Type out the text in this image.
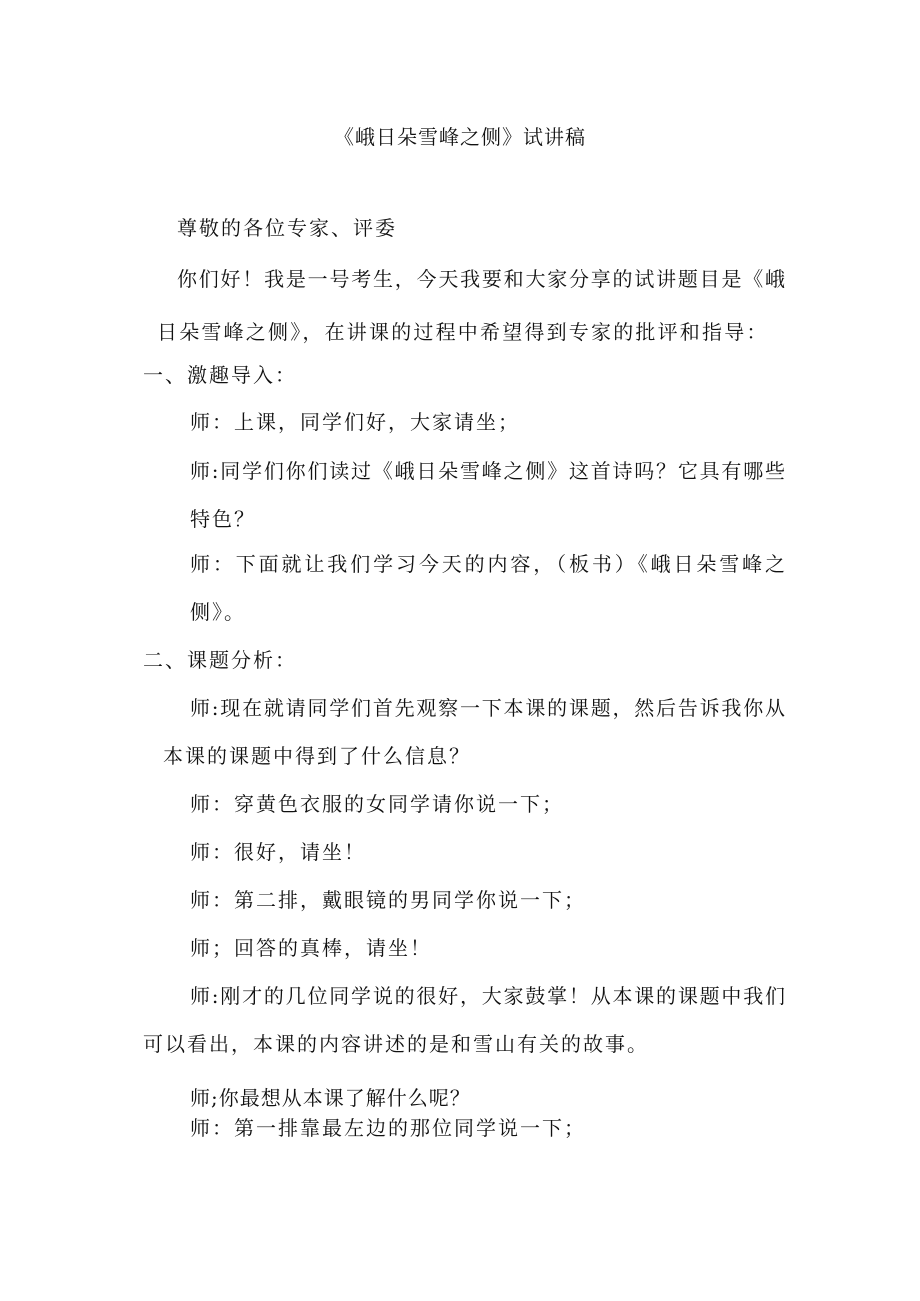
《峨日朵雪峰之侧》试讲稿
尊敬的各位专家、评委
你们好！我是一号考生，今天我要和大家分享的试讲题目是《峨
日朵雪峰之侧》，在讲课的过程中希望得到专家的批评和指导：
一、激趣导入：
师：上课，同学们好，大家请坐；
师:同学们你们读过《峨日朵雪峰之侧》这首诗吗？它具有哪些
特色？
师：下面就让我们学习今天的内容，（板书）《峨日朵雪峰之
侧》。
二、课题分析：
师:现在就请同学们首先观察一下本课的课题，然后告诉我你从
本课的课题中得到了什么信息？
师：穿黄色衣服的女同学请你说一下；
师：很好，请坐！
师：第二排，戴眼镜的男同学你说一下；
师；回答的真棒，请坐！
师:刚才的几位同学说的很好，大家鼓掌！从本课的课题中我们
可以看出，本课的内容讲述的是和雪山有关的故事。
师;你最想从本课了解什么呢？
师：第一排靠最左边的那位同学说一下；
